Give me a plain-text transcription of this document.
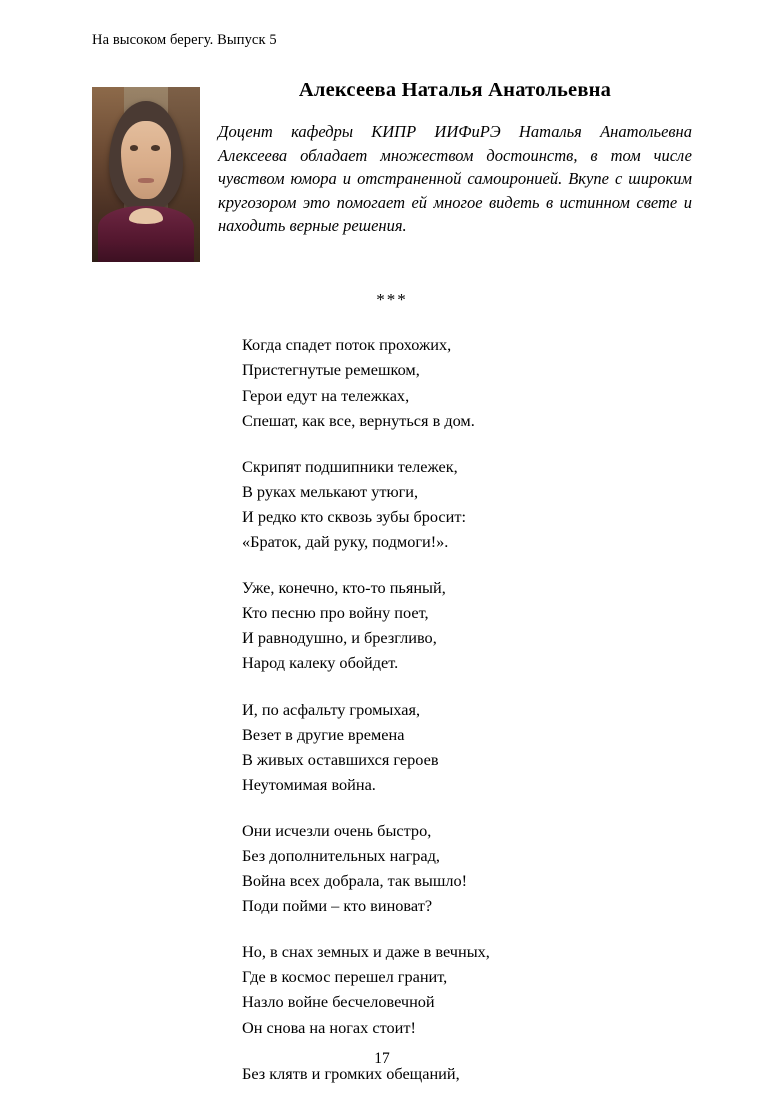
На высоком берегу. Выпуск 5
Алексеева Наталья Анатольевна

Доцент кафедры КИПР ИИФиРЭ Наталья Анатольевна Алексеева обладает множеством достоинств, в том числе чувством юмора и отстраненной самоиронией. Вкупе с широким кругозором это помогает ей многое видеть в истинном свете и находить верные решения.

***
Когда спадет поток прохожих,
Пристегнутые ремешком,
Герои едут на тележках,
Спешат, как все, вернуться в дом.
Скрипят подшипники тележек,
В руках мелькают утюги,
И редко кто сквозь зубы бросит:
«Браток, дай руку, подмоги!».
Уже, конечно, кто-то пьяный,
Кто песню про войну поет,
И равнодушно, и брезгливо,
Народ калеку обойдет.
И, по асфальту громыхая,
Везет в другие времена
В живых оставшихся героев
Неутомимая война.
Они исчезли очень быстро,
Без дополнительных наград,
Война всех добрала, так вышло!
Поди пойми – кто виноват?
Но, в снах земных и даже в вечных,
Где в космос перешел гранит,
Назло войне бесчеловечной
Он снова на ногах стоит!
Без клятв и громких обещаний,
17
